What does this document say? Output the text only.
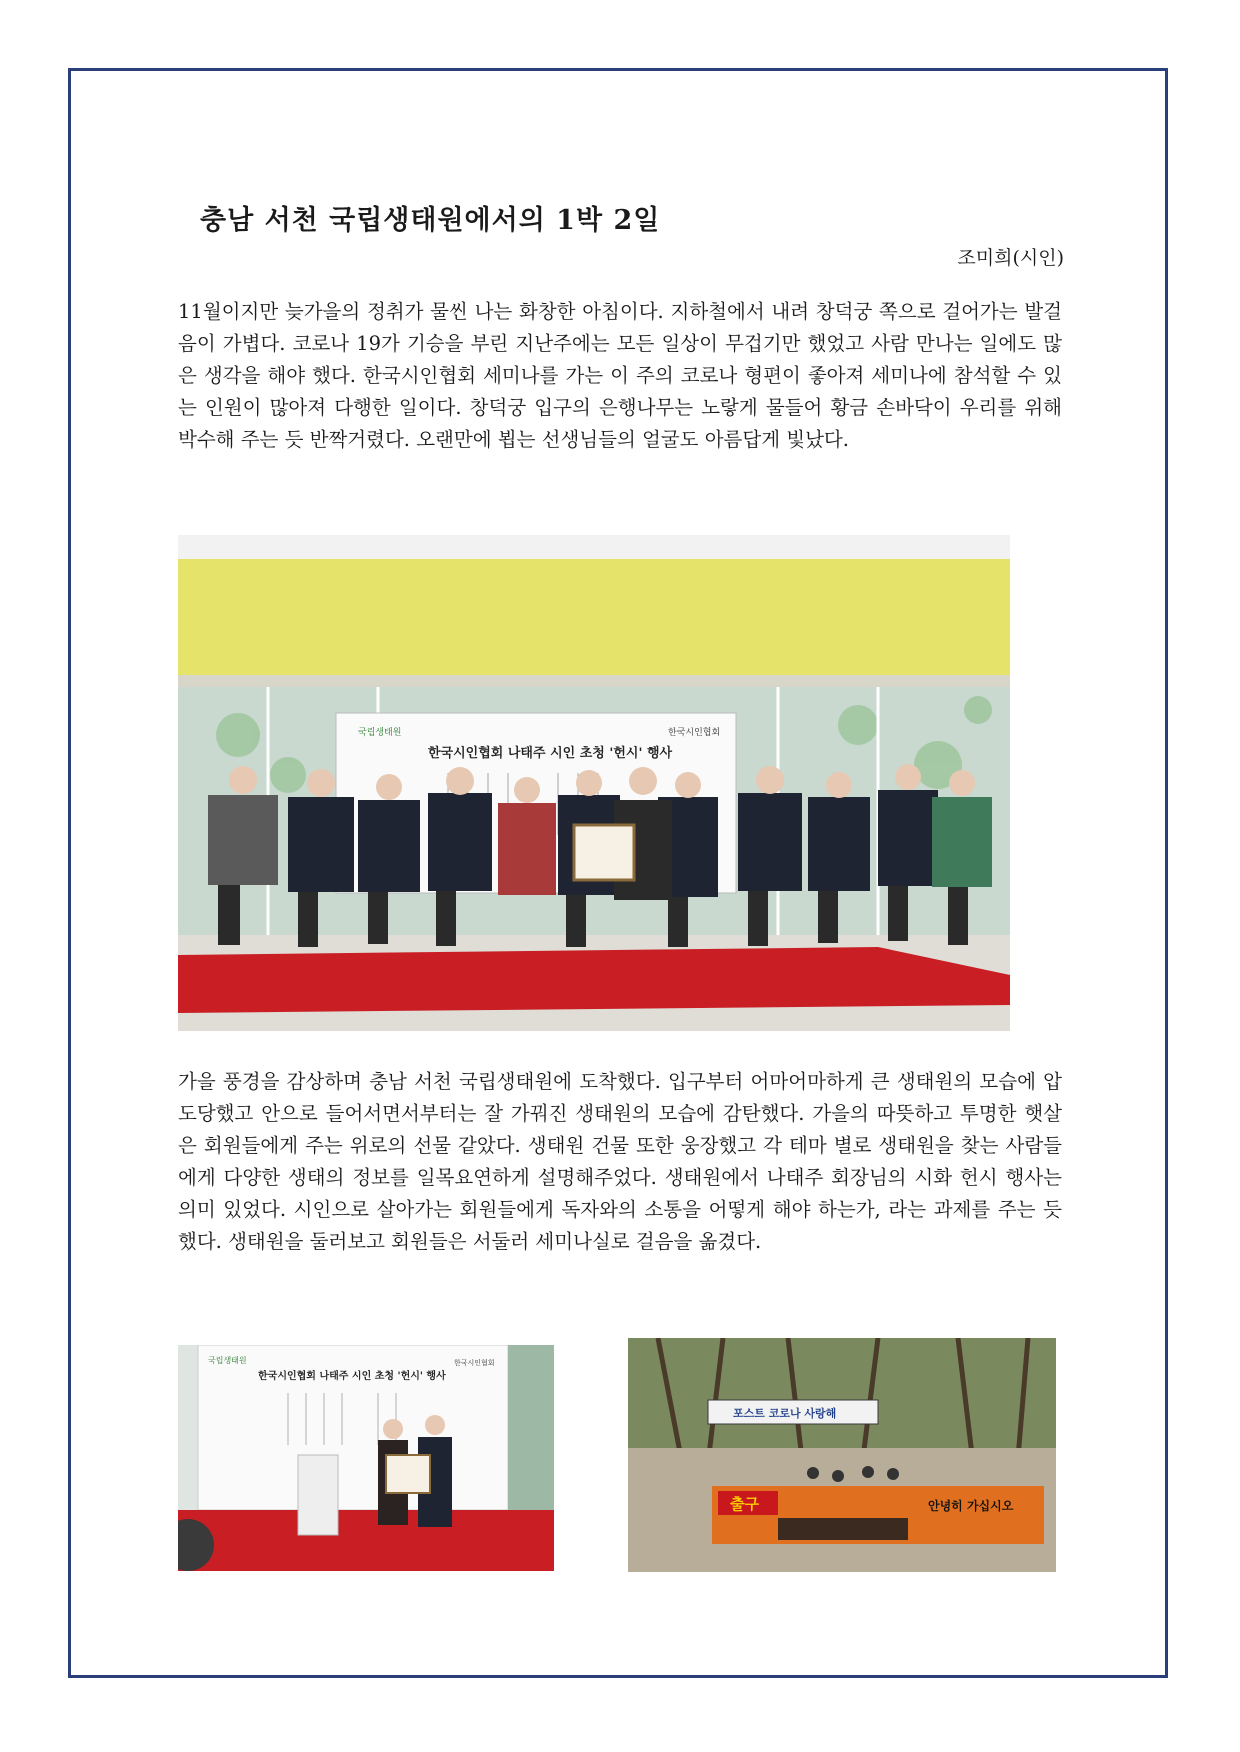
충남 서천 국립생태원에서의 1박 2일
조미희(시인)

11월이지만 늦가을의 정취가 물씬 나는 화창한 아침이다. 지하철에서 내려 창덕궁 쪽으로 걸어가는 발걸음이 가볍다. 코로나 19가 기승을 부린 지난주에는 모든 일상이 무겁기만 했었고 사람 만나는 일에도 많은 생각을 해야 했다. 한국시인협회 세미나를 가는 이 주의 코로나 형편이 좋아져 세미나에 참석할 수 있는 인원이 많아져 다행한 일이다. 창덕궁 입구의 은행나무는 노랗게 물들어 황금 손바닥이 우리를 위해 박수해 주는 듯 반짝거렸다. 오랜만에 뵙는 선생님들의 얼굴도 아름답게 빛났다.

국립생태원
한국시인협회 나태주 시인 초청 '헌시' 행사
한국시인협회

가을 풍경을 감상하며 충남 서천 국립생태원에 도착했다. 입구부터 어마어마하게 큰 생태원의 모습에 압도당했고 안으로 들어서면서부터는 잘 가꿔진 생태원의 모습에 감탄했다. 가을의 따뜻하고 투명한 햇살은 회원들에게 주는 위로의 선물 같았다. 생태원 건물 또한 웅장했고 각 테마 별로 생태원을 찾는 사람들에게 다양한 생태의 정보를 일목요연하게 설명해주었다. 생태원에서 나태주 회장님의 시화 헌시 행사는 의미 있었다. 시인으로 살아가는 회원들에게 독자와의 소통을 어떻게 해야 하는가, 라는 과제를 주는 듯했다. 생태원을 둘러보고 회원들은 서둘러 세미나실로 걸음을 옮겼다.

국립생태원
한국시인협회 나태주 시인 초청 '헌시' 행사
한국시인협회
포스트 코로나 사랑해
출구	안녕히 가십시오
